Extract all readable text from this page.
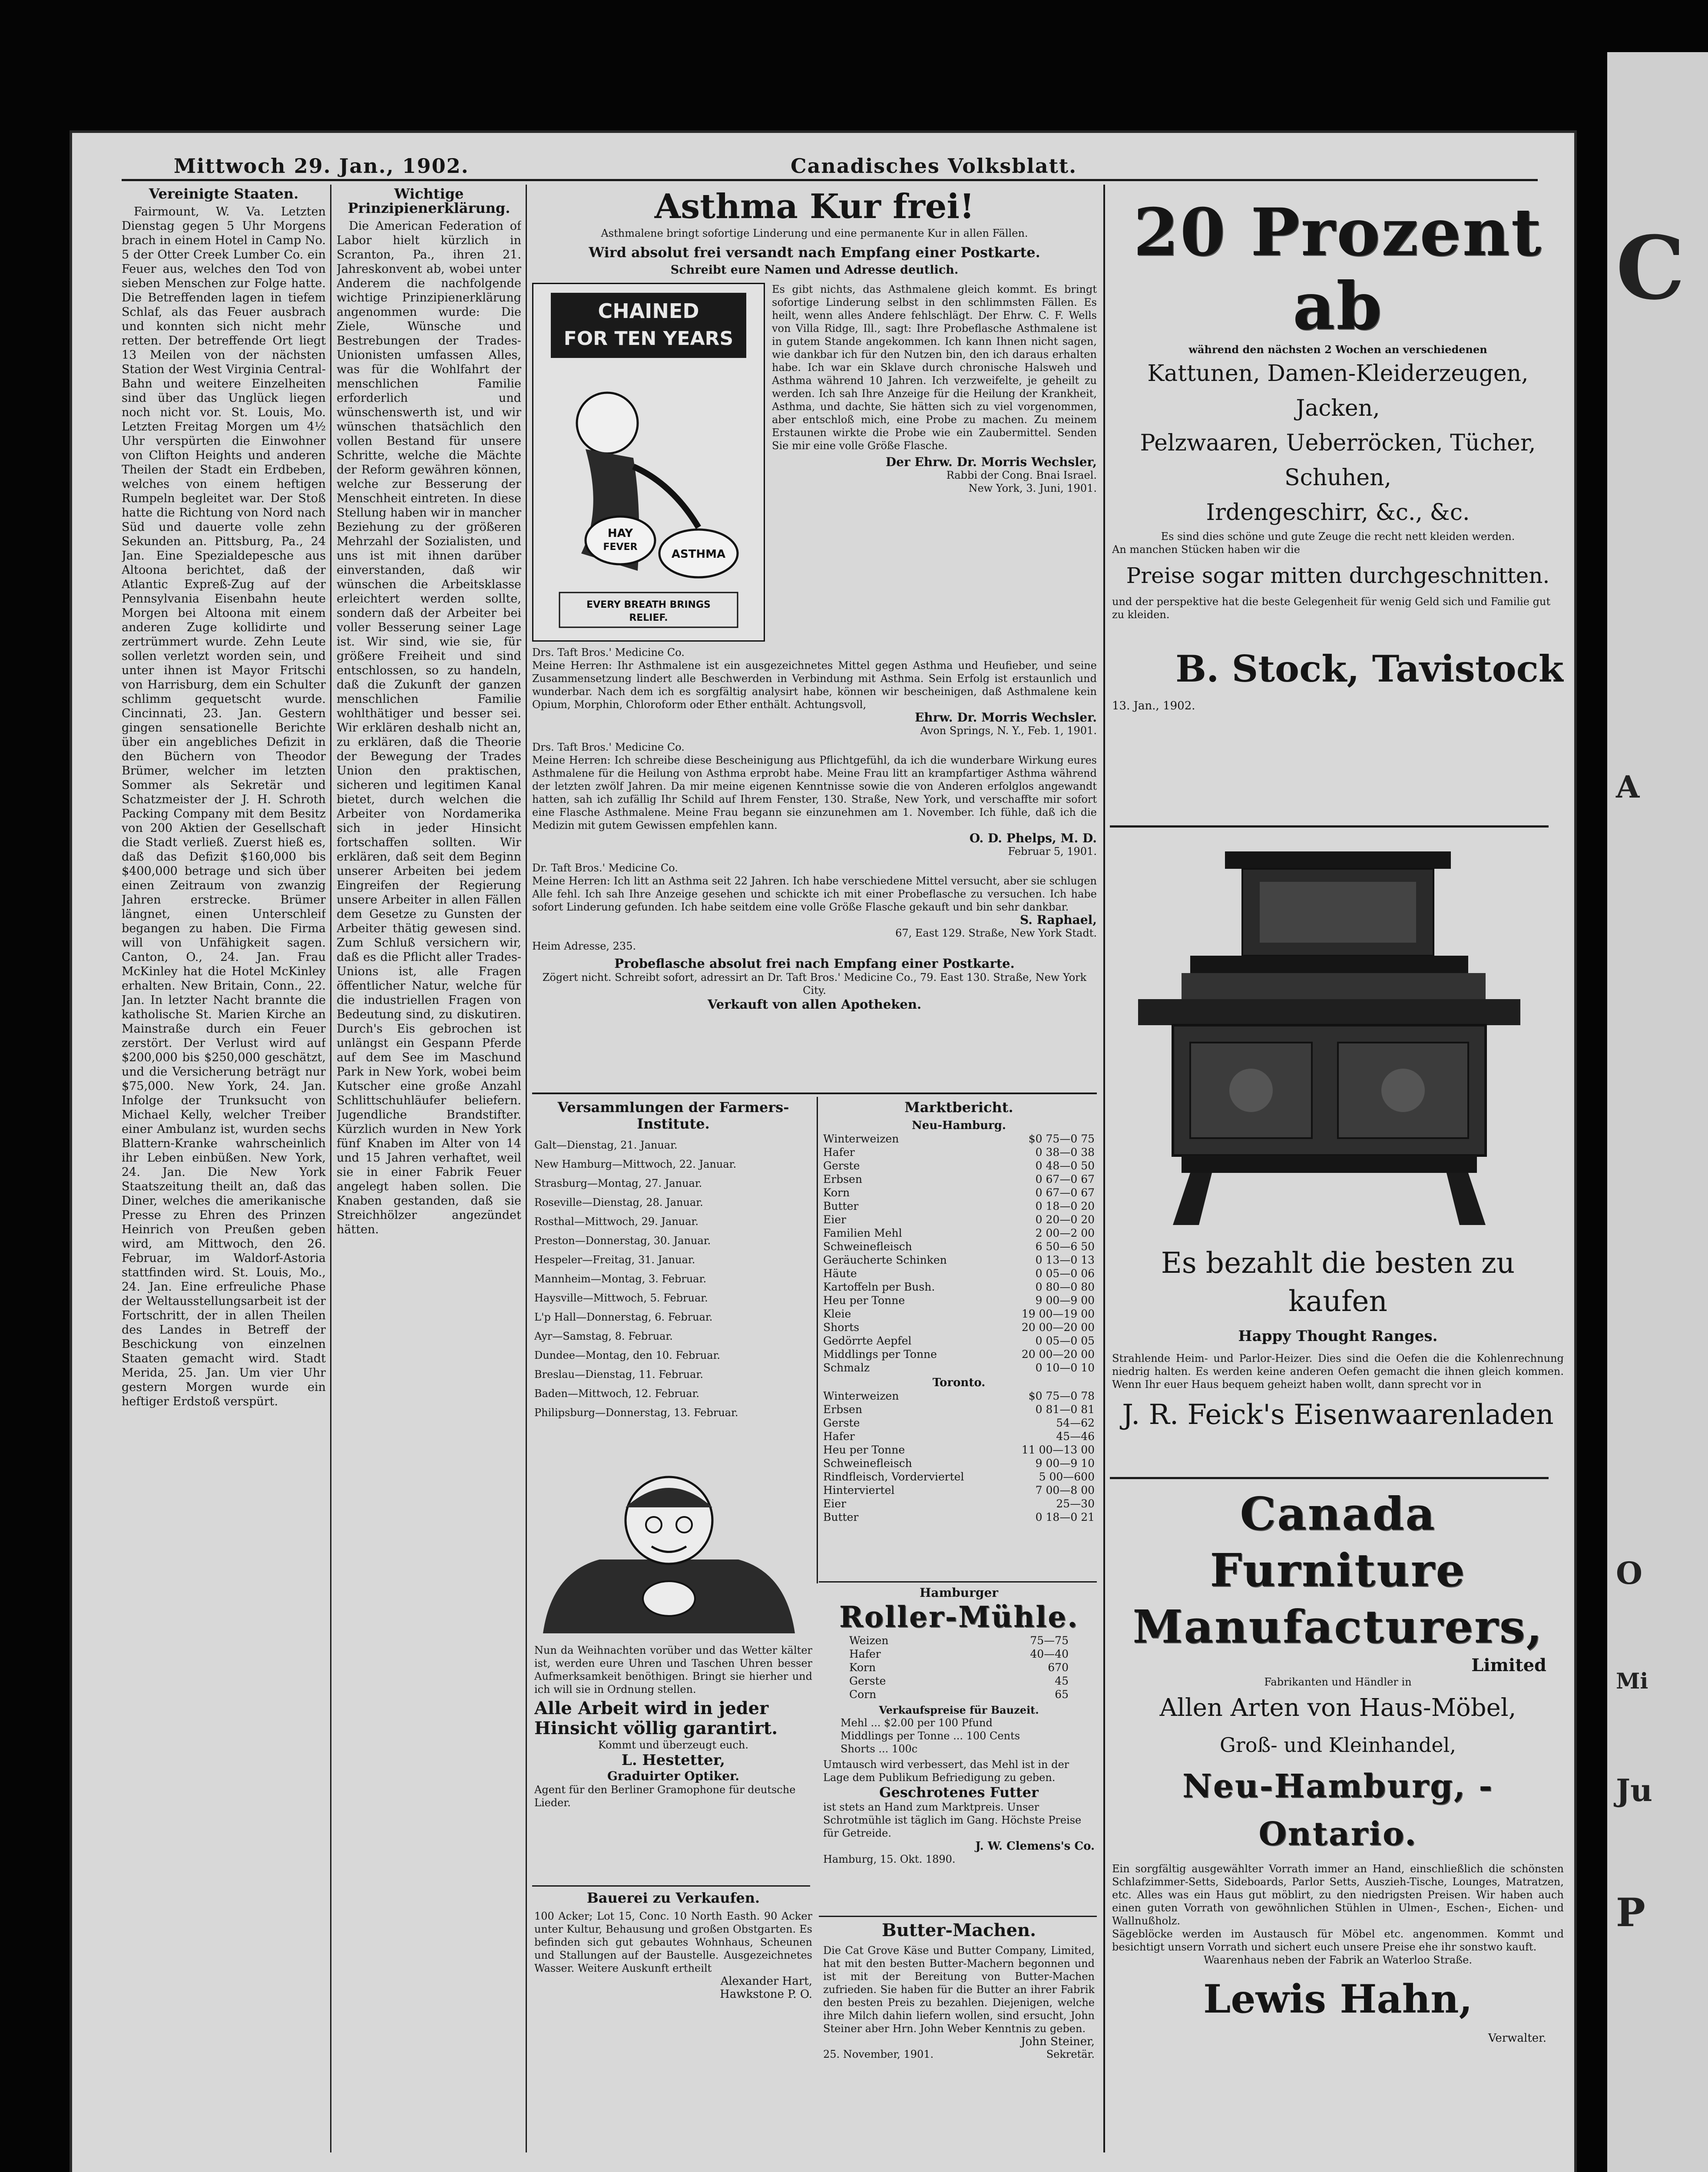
Mittwoch 29. Jan., 1902.	Canadisches Volksblatt.
Vereinigte Staaten.

Fairmount, W. Va. Letzten Dienstag gegen 5 Uhr Morgens brach in einem Hotel in Camp No. 5 der Otter Creek Lumber Co. ein Feuer aus, welches den Tod von sieben Menschen zur Folge hatte. Die Betreffenden lagen in tiefem Schlaf, als das Feuer ausbrach und konnten sich nicht mehr retten. Der betreffende Ort liegt 13 Meilen von der nächsten Station der West Virginia Central-Bahn und weitere Einzelheiten sind über das Unglück liegen noch nicht vor. St. Louis, Mo. Letzten Freitag Morgen um 4½ Uhr verspürten die Einwohner von Clifton Heights und anderen Theilen der Stadt ein Erdbeben, welches von einem heftigen Rumpeln begleitet war. Der Stoß hatte die Richtung von Nord nach Süd und dauerte volle zehn Sekunden an. Pittsburg, Pa., 24 Jan. Eine Spezialdepesche aus Altoona berichtet, daß der Atlantic Expreß-Zug auf der Pennsylvania Eisenbahn heute Morgen bei Altoona mit einem anderen Zuge kollidirte und zertrümmert wurde. Zehn Leute sollen verletzt worden sein, und unter ihnen ist Mayor Fritschi von Harrisburg, dem ein Schulter schlimm gequetscht wurde. Cincinnati, 23. Jan. Gestern gingen sensationelle Berichte über ein angebliches Defizit in den Büchern von Theodor Brümer, welcher im letzten Sommer als Sekretär und Schatzmeister der J. H. Schroth Packing Company mit dem Besitz von 200 Aktien der Gesellschaft die Stadt verließ. Zuerst hieß es, daß das Defizit $160,000 bis $400,000 betrage und sich über einen Zeitraum von zwanzig Jahren erstrecke. Brümer längnet, einen Unterschleif begangen zu haben. Die Firma will von Unfähigkeit sagen. Canton, O., 24. Jan. Frau McKinley hat die Hotel McKinley erhalten. New Britain, Conn., 22. Jan. In letzter Nacht brannte die katholische St. Marien Kirche an Mainstraße durch ein Feuer zerstört. Der Verlust wird auf $200,000 bis $250,000 geschätzt, und die Versicherung beträgt nur $75,000. New York, 24. Jan. Infolge der Trunksucht von Michael Kelly, welcher Treiber einer Ambulanz ist, wurden sechs Blattern-Kranke wahrscheinlich ihr Leben einbüßen. New York, 24. Jan. Die New York Staatszeitung theilt an, daß das Diner, welches die amerikanische Presse zu Ehren des Prinzen Heinrich von Preußen geben wird, am Mittwoch, den 26. Februar, im Waldorf-Astoria stattfinden wird. St. Louis, Mo., 24. Jan. Eine erfreuliche Phase der Weltausstellungsarbeit ist der Fortschritt, der in allen Theilen des Landes in Betreff der Beschickung von einzelnen Staaten gemacht wird. Stadt Merida, 25. Jan. Um vier Uhr gestern Morgen wurde ein heftiger Erdstoß verspürt.

Wichtige Prinzipienerklärung.

Die American Federation of Labor hielt kürzlich in Scranton, Pa., ihren 21. Jahreskonvent ab, wobei unter Anderem die nachfolgende wichtige Prinzipienerklärung angenommen wurde: Die Ziele, Wünsche und Bestrebungen der Trades-Unionisten umfassen Alles, was für die Wohlfahrt der menschlichen Familie erforderlich und wünschenswerth ist, und wir wünschen thatsächlich den vollen Bestand für unsere Schritte, welche die Mächte der Reform gewähren können, welche zur Besserung der Menschheit eintreten. In diese Stellung haben wir in mancher Beziehung zu der größeren Mehrzahl der Sozialisten, und uns ist mit ihnen darüber einverstanden, daß wir wünschen die Arbeitsklasse erleichtert werden sollte, sondern daß der Arbeiter bei voller Besserung seiner Lage ist. Wir sind, wie sie, für größere Freiheit und sind entschlossen, so zu handeln, daß die Zukunft der ganzen menschlichen Familie wohlthätiger und besser sei. Wir erklären deshalb nicht an, zu erklären, daß die Theorie der Bewegung der Trades Union den praktischen, sicheren und legitimen Kanal bietet, durch welchen die Arbeiter von Nordamerika sich in jeder Hinsicht fortschaffen sollten. Wir erklären, daß seit dem Beginn unserer Arbeiten bei jedem Eingreifen der Regierung unsere Arbeiter in allen Fällen dem Gesetze zu Gunsten der Arbeiter thätig gewesen sind. Zum Schluß versichern wir, daß es die Pflicht aller Trades-Unions ist, alle Fragen öffentlicher Natur, welche für die industriellen Fragen von Bedeutung sind, zu diskutiren. Durch's Eis gebrochen ist unlängst ein Gespann Pferde auf dem See im Maschund Park in New York, wobei beim Kutscher eine große Anzahl Schlittschuhläufer beliefern. Jugendliche Brandstifter. Kürzlich wurden in New York fünf Knaben im Alter von 14 und 15 Jahren verhaftet, weil sie in einer Fabrik Feuer angelegt haben sollen. Die Knaben gestanden, daß sie Streichhölzer angezündet hätten.

Asthma Kur frei!
Asthmalene bringt sofortige Linderung und eine permanente Kur in allen Fällen.
Wird absolut frei versandt nach Empfang einer Postkarte.
Schreibt eure Namen und Adresse deutlich.
CHAINED
FOR TEN YEARS
HAY
FEVER
ASTHMA
EVERY BREATH BRINGS
RELIEF.
Es gibt nichts, das Asthmalene gleich kommt. Es bringt sofortige Linderung selbst in den schlimmsten Fällen. Es heilt, wenn alles Andere fehlschlägt. Der Ehrw. C. F. Wells von Villa Ridge, Ill., sagt: Ihre Probeflasche Asthmalene ist in gutem Stande angekommen. Ich kann Ihnen nicht sagen, wie dankbar ich für den Nutzen bin, den ich daraus erhalten habe. Ich war ein Sklave durch chronische Halsweh und Asthma während 10 Jahren. Ich verzweifelte, je geheilt zu werden. Ich sah Ihre Anzeige für die Heilung der Krankheit, Asthma, und dachte, Sie hätten sich zu viel vorgenommen, aber entschloß mich, eine Probe zu machen. Zu meinem Erstaunen wirkte die Probe wie ein Zaubermittel. Senden Sie mir eine volle Größe Flasche.
Der Ehrw. Dr. Morris Wechsler,
Rabbi der Cong. Bnai Israel.
New York, 3. Juni, 1901.
Drs. Taft Bros.' Medicine Co.
Meine Herren: Ihr Asthmalene ist ein ausgezeichnetes Mittel gegen Asthma und Heufieber, und seine Zusammensetzung lindert alle Beschwerden in Verbindung mit Asthma. Sein Erfolg ist erstaunlich und wunderbar. Nach dem ich es sorgfältig analysirt habe, können wir bescheinigen, daß Asthmalene kein Opium, Morphin, Chloroform oder Ether enthält. Achtungsvoll,
Ehrw. Dr. Morris Wechsler.
Avon Springs, N. Y., Feb. 1, 1901.
Drs. Taft Bros.' Medicine Co.
Meine Herren: Ich schreibe diese Bescheinigung aus Pflichtgefühl, da ich die wunderbare Wirkung eures Asthmalene für die Heilung von Asthma erprobt habe. Meine Frau litt an krampfartiger Asthma während der letzten zwölf Jahren. Da mir meine eigenen Kenntnisse sowie die von Anderen erfolglos angewandt hatten, sah ich zufällig Ihr Schild auf Ihrem Fenster, 130. Straße, New York, und verschaffte mir sofort eine Flasche Asthmalene. Meine Frau begann sie einzunehmen am 1. November. Ich fühle, daß ich die Medizin mit gutem Gewissen empfehlen kann.
O. D. Phelps, M. D.
Februar 5, 1901.
Dr. Taft Bros.' Medicine Co.
Meine Herren: Ich litt an Asthma seit 22 Jahren. Ich habe verschiedene Mittel versucht, aber sie schlugen Alle fehl. Ich sah Ihre Anzeige gesehen und schickte ich mit einer Probeflasche zu versuchen. Ich habe sofort Linderung gefunden. Ich habe seitdem eine volle Größe Flasche gekauft und bin sehr dankbar.
S. Raphael,
67, East 129. Straße, New York Stadt.
Heim Adresse, 235.
Probeflasche absolut frei nach Empfang einer Postkarte.
Zögert nicht. Schreibt sofort, adressirt an Dr. Taft Bros.' Medicine Co., 79. East 130. Straße, New York City.
Verkauft von allen Apotheken.
Versammlungen der Farmers-Institute.
Galt—Dienstag, 21. Januar.
New Hamburg—Mittwoch, 22. Januar.
Strasburg—Montag, 27. Januar.
Roseville—Dienstag, 28. Januar.
Rosthal—Mittwoch, 29. Januar.
Preston—Donnerstag, 30. Januar.
Hespeler—Freitag, 31. Januar.
Mannheim—Montag, 3. Februar.
Haysville—Mittwoch, 5. Februar.
L'p Hall—Donnerstag, 6. Februar.
Ayr—Samstag, 8. Februar.
Dundee—Montag, den 10. Februar.
Breslau—Dienstag, 11. Februar.
Baden—Mittwoch, 12. Februar.
Philipsburg—Donnerstag, 13. Februar.
Marktbericht.
Neu-Hamburg.
Winterweizen	$0 75—0 75
Hafer	0 38—0 38
Gerste	0 48—0 50
Erbsen	0 67—0 67
Korn	0 67—0 67
Butter	0 18—0 20
Eier	0 20—0 20
Familien Mehl	2 00—2 00
Schweinefleisch	6 50—6 50
Geräucherte Schinken	0 13—0 13
Häute	0 05—0 06
Kartoffeln per Bush.	0 80—0 80
Heu per Tonne	9 00—9 00
Kleie	19 00—19 00
Shorts	20 00—20 00
Gedörrte Aepfel	0 05—0 05
Middlings per Tonne	20 00—20 00
Schmalz	0 10—0 10
Toronto.
Winterweizen	$0 75—0 78
Erbsen	0 81—0 81
Gerste	54—62
Hafer	45—46
Heu per Tonne	11 00—13 00
Schweinefleisch	9 00—9 10
Rindfleisch, Vorderviertel	5 00—600
Hinterviertel	7 00—8 00
Eier	25—30
Butter	0 18—0 21
Nun da Weihnachten vorüber und das Wetter kälter ist, werden eure Uhren und Taschen Uhren besser Aufmerksamkeit benöthigen. Bringt sie hierher und ich will sie in Ordnung stellen.
Alle Arbeit wird in jeder Hinsicht völlig garantirt.
Kommt und überzeugt euch.
L. Hestetter,
Graduirter Optiker.
Agent für den Berliner Gramophone für deutsche Lieder.
Bauerei zu Verkaufen.
100 Acker; Lot 15, Conc. 10 North Easth. 90 Acker unter Kultur, Behausung und großen Obstgarten. Es befinden sich gut gebautes Wohnhaus, Scheunen und Stallungen auf der Baustelle. Ausgezeichnetes Wasser. Weitere Auskunft ertheilt
Alexander Hart,
Hawkstone P. O.
Hamburger
Roller-Mühle.
Weizen	75—75
Hafer	40—40
Korn	670
Gerste	45
Corn	65
Verkaufspreise für Bauzeit.
Mehl ... $2.00 per 100 Pfund
Middlings per Tonne ... 100 Cents
Shorts ... 100c
Umtausch wird verbessert, das Mehl ist in der Lage dem Publikum Befriedigung zu geben.
Geschrotenes Futter
ist stets an Hand zum Marktpreis. Unser Schrotmühle ist täglich im Gang. Höchste Preise für Getreide.
J. W. Clemens's Co.
Hamburg, 15. Okt. 1890.
Butter-Machen.
Die Cat Grove Käse und Butter Company, Limited, hat mit den besten Butter-Machern begonnen und ist mit der Bereitung von Butter-Machen zufrieden. Sie haben für die Butter an ihrer Fabrik den besten Preis zu bezahlen. Diejenigen, welche ihre Milch dahin liefern wollen, sind ersucht, John Steiner aber Hrn. John Weber Kenntnis zu geben.
John Steiner,
25. November, 1901.	Sekretär.
20 Prozent ab
während den nächsten 2 Wochen an verschiedenen
Kattunen, Damen-Kleiderzeugen, Jacken,
Pelzwaaren, Ueberröcken, Tücher, Schuhen,
Irdengeschirr, &c., &c.
Es sind dies schöne und gute Zeuge die recht nett kleiden werden.
An manchen Stücken haben wir die
Preise sogar mitten durchgeschnitten.
und der perspektive hat die beste Gelegenheit für wenig Geld sich und Familie gut zu kleiden.
B. Stock, Tavistock
13. Jan., 1902.
Es bezahlt die besten zu kaufen
Happy Thought Ranges.
Strahlende Heim- und Parlor-Heizer. Dies sind die Oefen die die Kohlenrechnung niedrig halten. Es werden keine anderen Oefen gemacht die ihnen gleich kommen. Wenn Ihr euer Haus bequem geheizt haben wollt, dann sprecht vor in
J. R. Feick's Eisenwaarenladen
Canada Furniture
Manufacturers,
Limited
Fabrikanten und Händler in
Allen Arten von Haus-Möbel,
Groß- und Kleinhandel,
Neu-Hamburg, - Ontario.
Ein sorgfältig ausgewählter Vorrath immer an Hand, einschließlich die schönsten Schlafzimmer-Setts, Sideboards, Parlor Setts, Auszieh-Tische, Lounges, Matratzen, etc. Alles was ein Haus gut möblirt, zu den niedrigsten Preisen. Wir haben auch einen guten Vorrath von gewöhnlichen Stühlen in Ulmen-, Eschen-, Eichen- und Wallnußholz.
Sägeblöcke werden im Austausch für Möbel etc. angenommen. Kommt und besichtigt unsern Vorrath und sichert euch unsere Preise ehe ihr sonstwo kauft.
Waarenhaus neben der Fabrik an Waterloo Straße.
Lewis Hahn,
Verwalter.
C
A
O
Mi
Ju
P
